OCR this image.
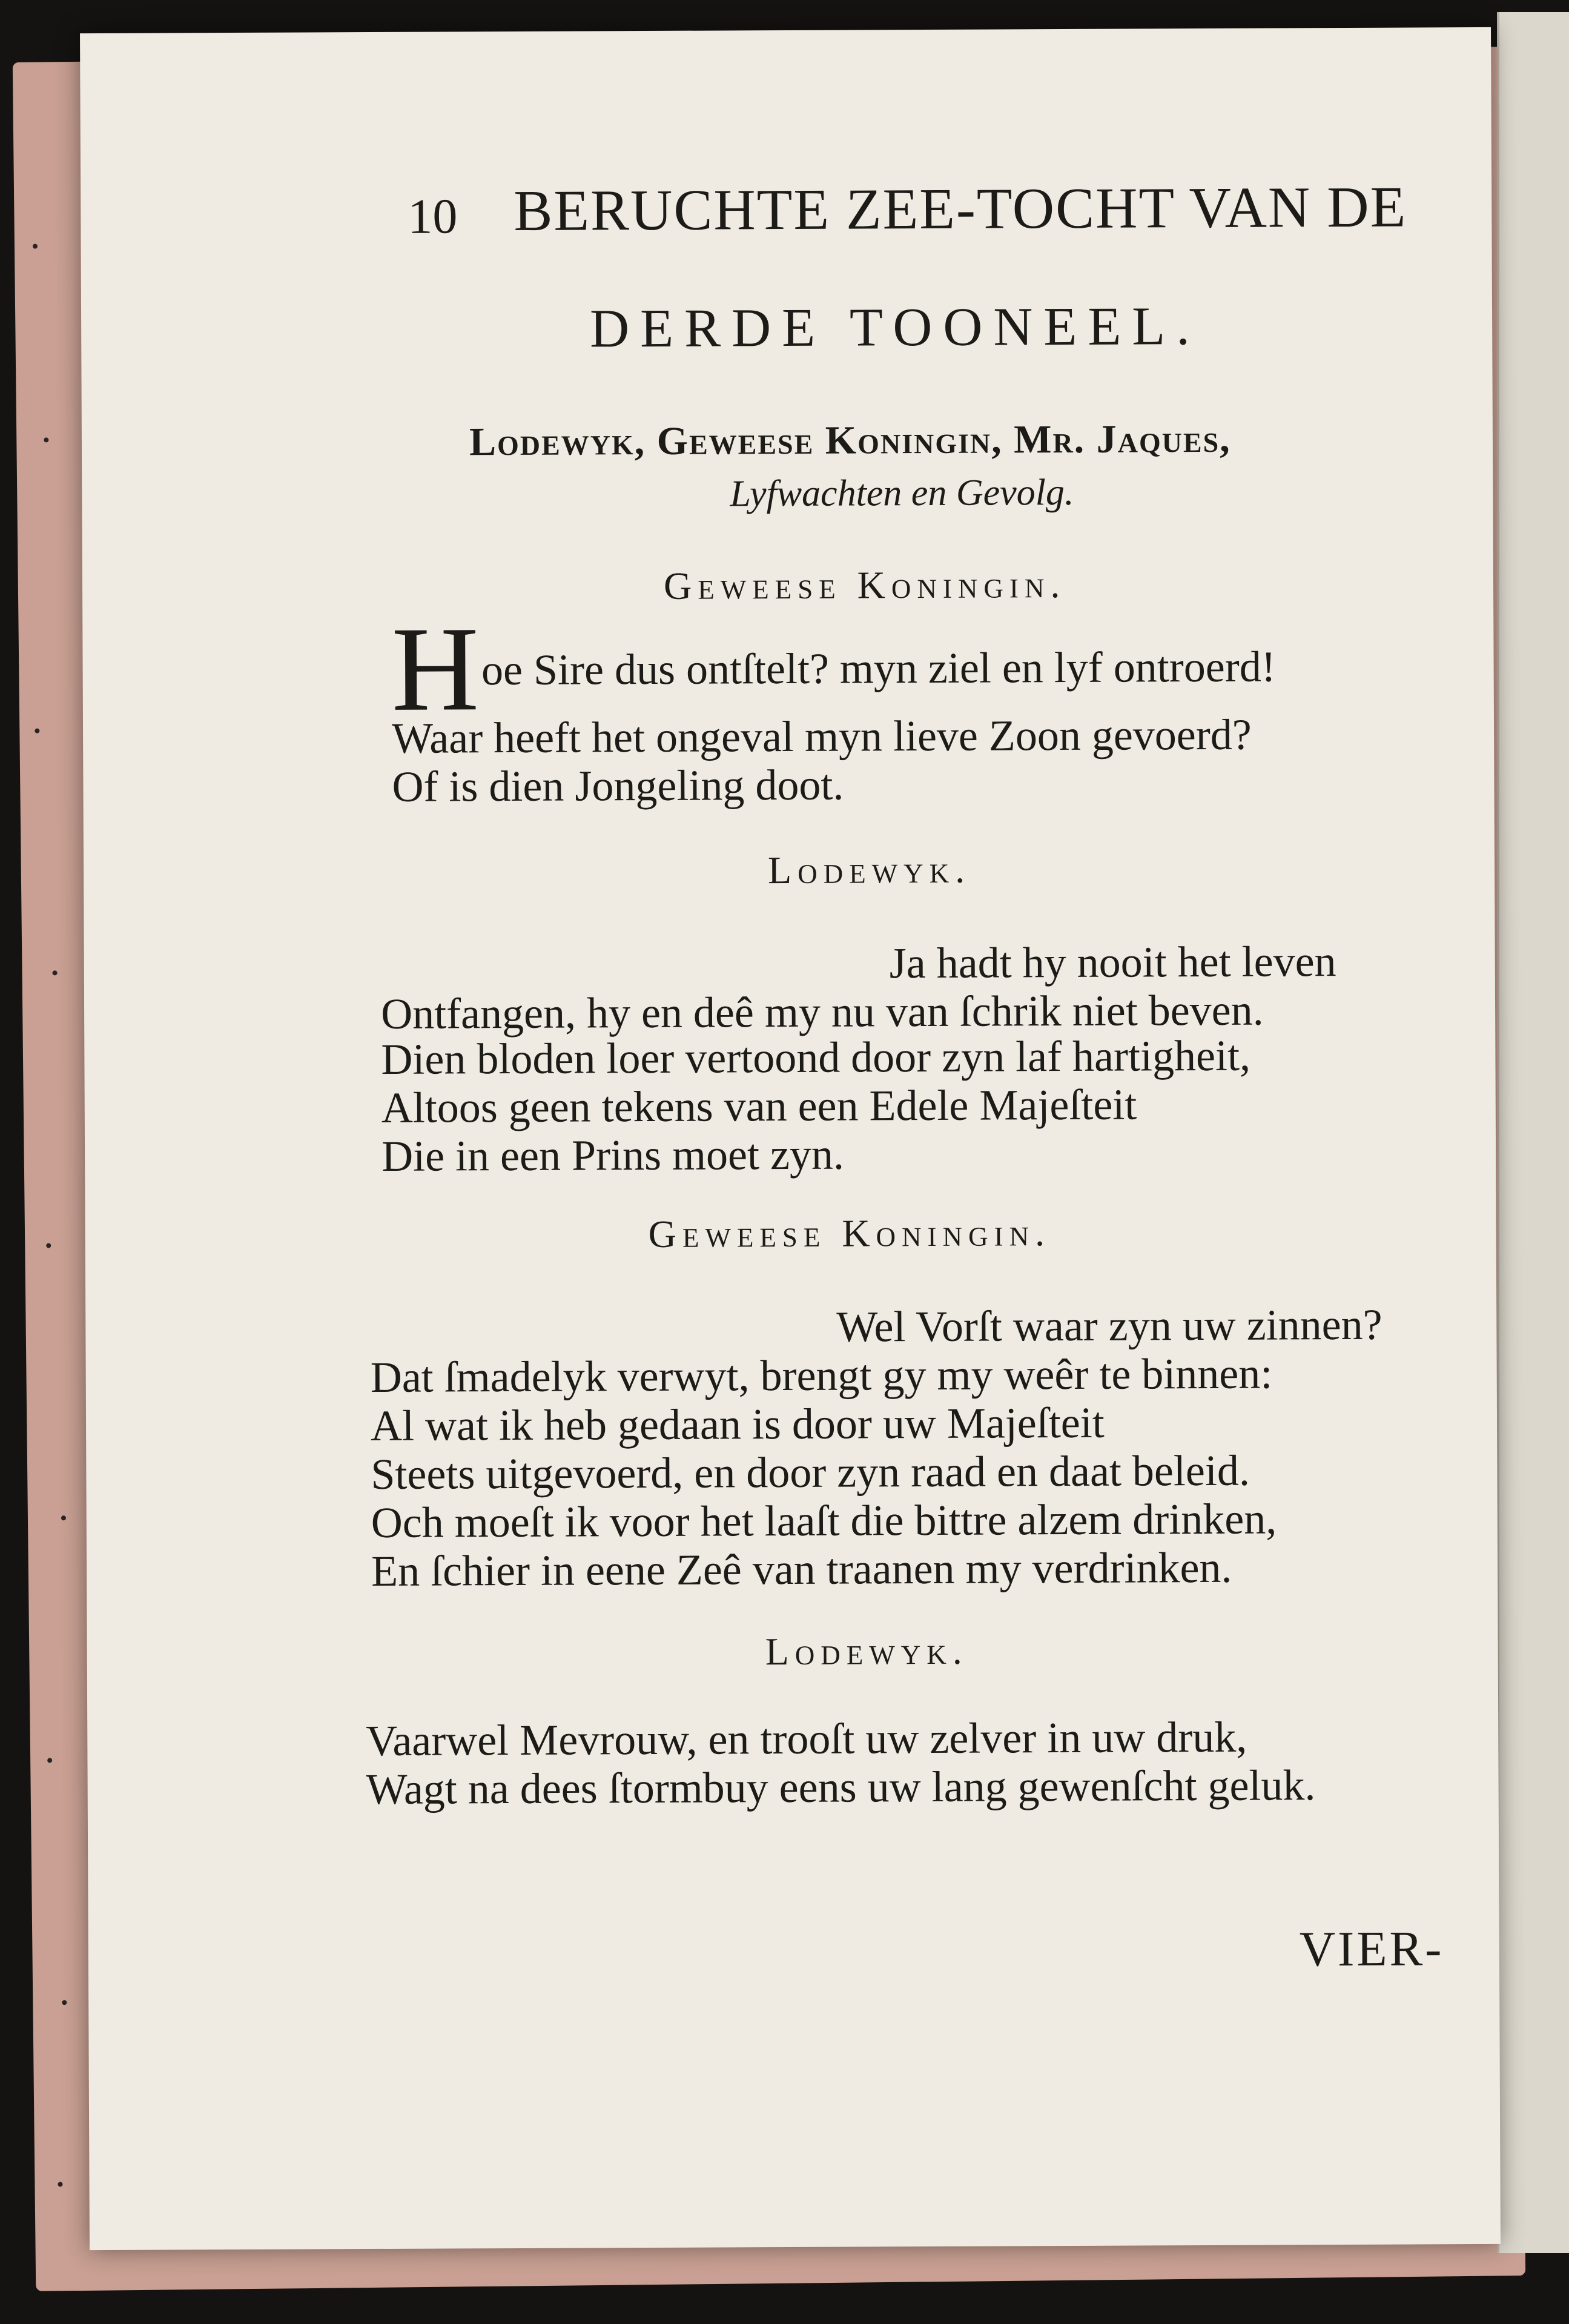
10 BERUCHTE ZEE-TOCHT VAN DE

DERDE TOONEEL.

Lodewyk, Geweese Koningin, Mr. Jaques,

Lyfwachten en Gevolg.

Geweese Koningin.

H oe Sire dus ontſtelt? myn ziel en lyf ontroerd!

Waar heeft het ongeval myn lieve Zoon gevoerd?

Of is dien Jongeling doot.

Lodewyk.

Ja hadt hy nooit het leven

Ontfangen, hy en deê my nu van ſchrik niet beven.

Dien bloden loer vertoond door zyn laf hartigheit,

Altoos geen tekens van een Edele Majeſteit

Die in een Prins moet zyn.

Geweese Koningin.

Wel Vorſt waar zyn uw zinnen?

Dat ſmadelyk verwyt, brengt gy my weêr te binnen:

Al wat ik heb gedaan is door uw Majeſteit

Steets uitgevoerd, en door zyn raad en daat beleid.

Och moeſt ik voor het laaſt die bittre alzem drinken,

En ſchier in eene Zeê van traanen my verdrinken.

Lodewyk.

Vaarwel Mevrouw, en trooſt uw zelver in uw druk,

Wagt na dees ſtormbuy eens uw lang gewenſcht geluk.

VIER-
